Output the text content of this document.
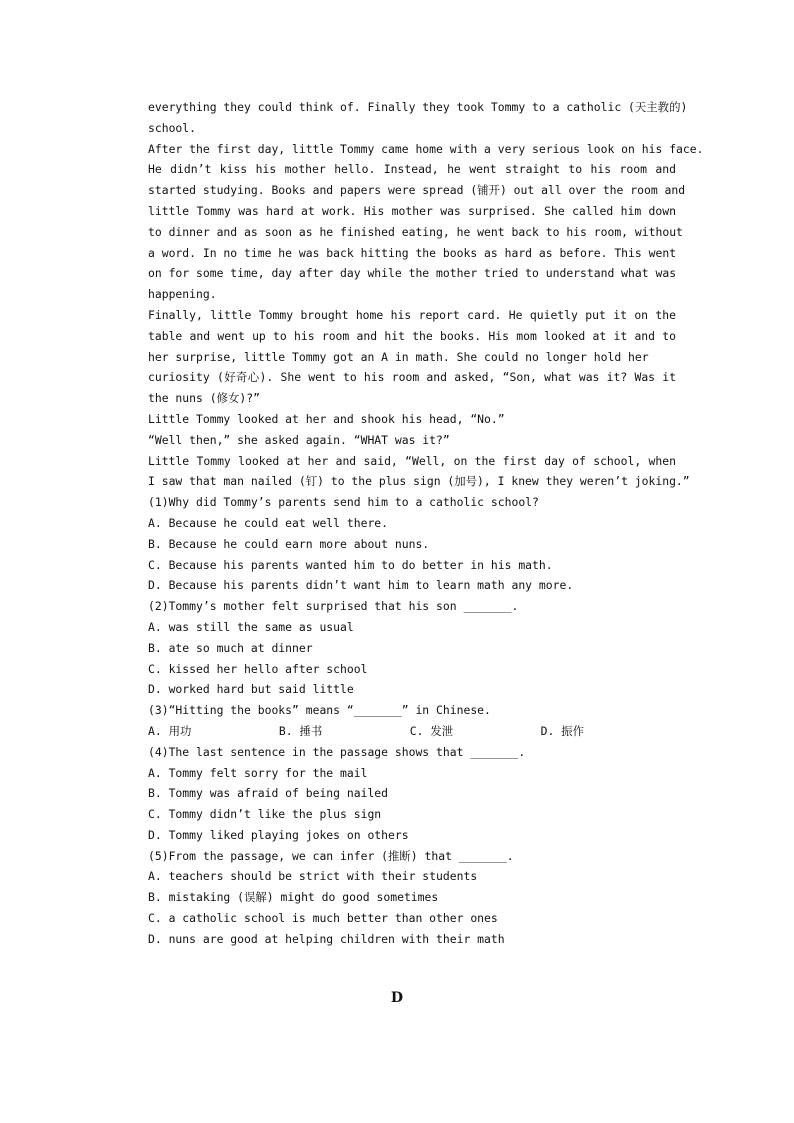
everything they could think of. Finally they took Tommy to a catholic (天主教的)
school.
After the first day, little Tommy came home with a very serious look on his face.
He didn’t kiss his mother hello. Instead, he went straight to his room and
started studying. Books and papers were spread (铺开) out all over the room and
little Tommy was hard at work. His mother was surprised. She called him down
to dinner and as soon as he finished eating, he went back to his room, without
a word. In no time he was back hitting the books as hard as before. This went
on for some time, day after day while the mother tried to understand what was
happening.
Finally, little Tommy brought home his report card. He quietly put it on the
table and went up to his room and hit the books. His mom looked at it and to
her surprise, little Tommy got an A in math. She could no longer hold her
curiosity (好奇心). She went to his room and asked, “Son, what was it? Was it
the nuns (修女)?”
Little Tommy looked at her and shook his head, “No.”
“Well then,” she asked again. “WHAT was it?”
Little Tommy looked at her and said, “Well, on the first day of school, when
I saw that man nailed (钉) to the plus sign (加号), I knew they weren’t joking.”
(1)Why did Tommy’s parents send him to a catholic school?
A. Because he could eat well there.
B. Because he could earn more about nuns.
C. Because his parents wanted him to do better in his math.
D. Because his parents didn’t want him to learn math any more.
(2)Tommy’s mother felt surprised that his son _______.
A. was still the same as usual
B. ate so much at dinner
C. kissed her hello after school
D. worked hard but said little
(3)“Hitting the books” means “_______” in Chinese.
A. 用功	B. 捶书	C. 发泄	D. 振作
(4)The last sentence in the passage shows that _______.
A. Tommy felt sorry for the mail
B. Tommy was afraid of being nailed
C. Tommy didn’t like the plus sign
D. Tommy liked playing jokes on others
(5)From the passage, we can infer (推断) that _______.
A. teachers should be strict with their students
B. mistaking (误解) might do good sometimes
C. a catholic school is much better than other ones
D. nuns are good at helping children with their math
D
